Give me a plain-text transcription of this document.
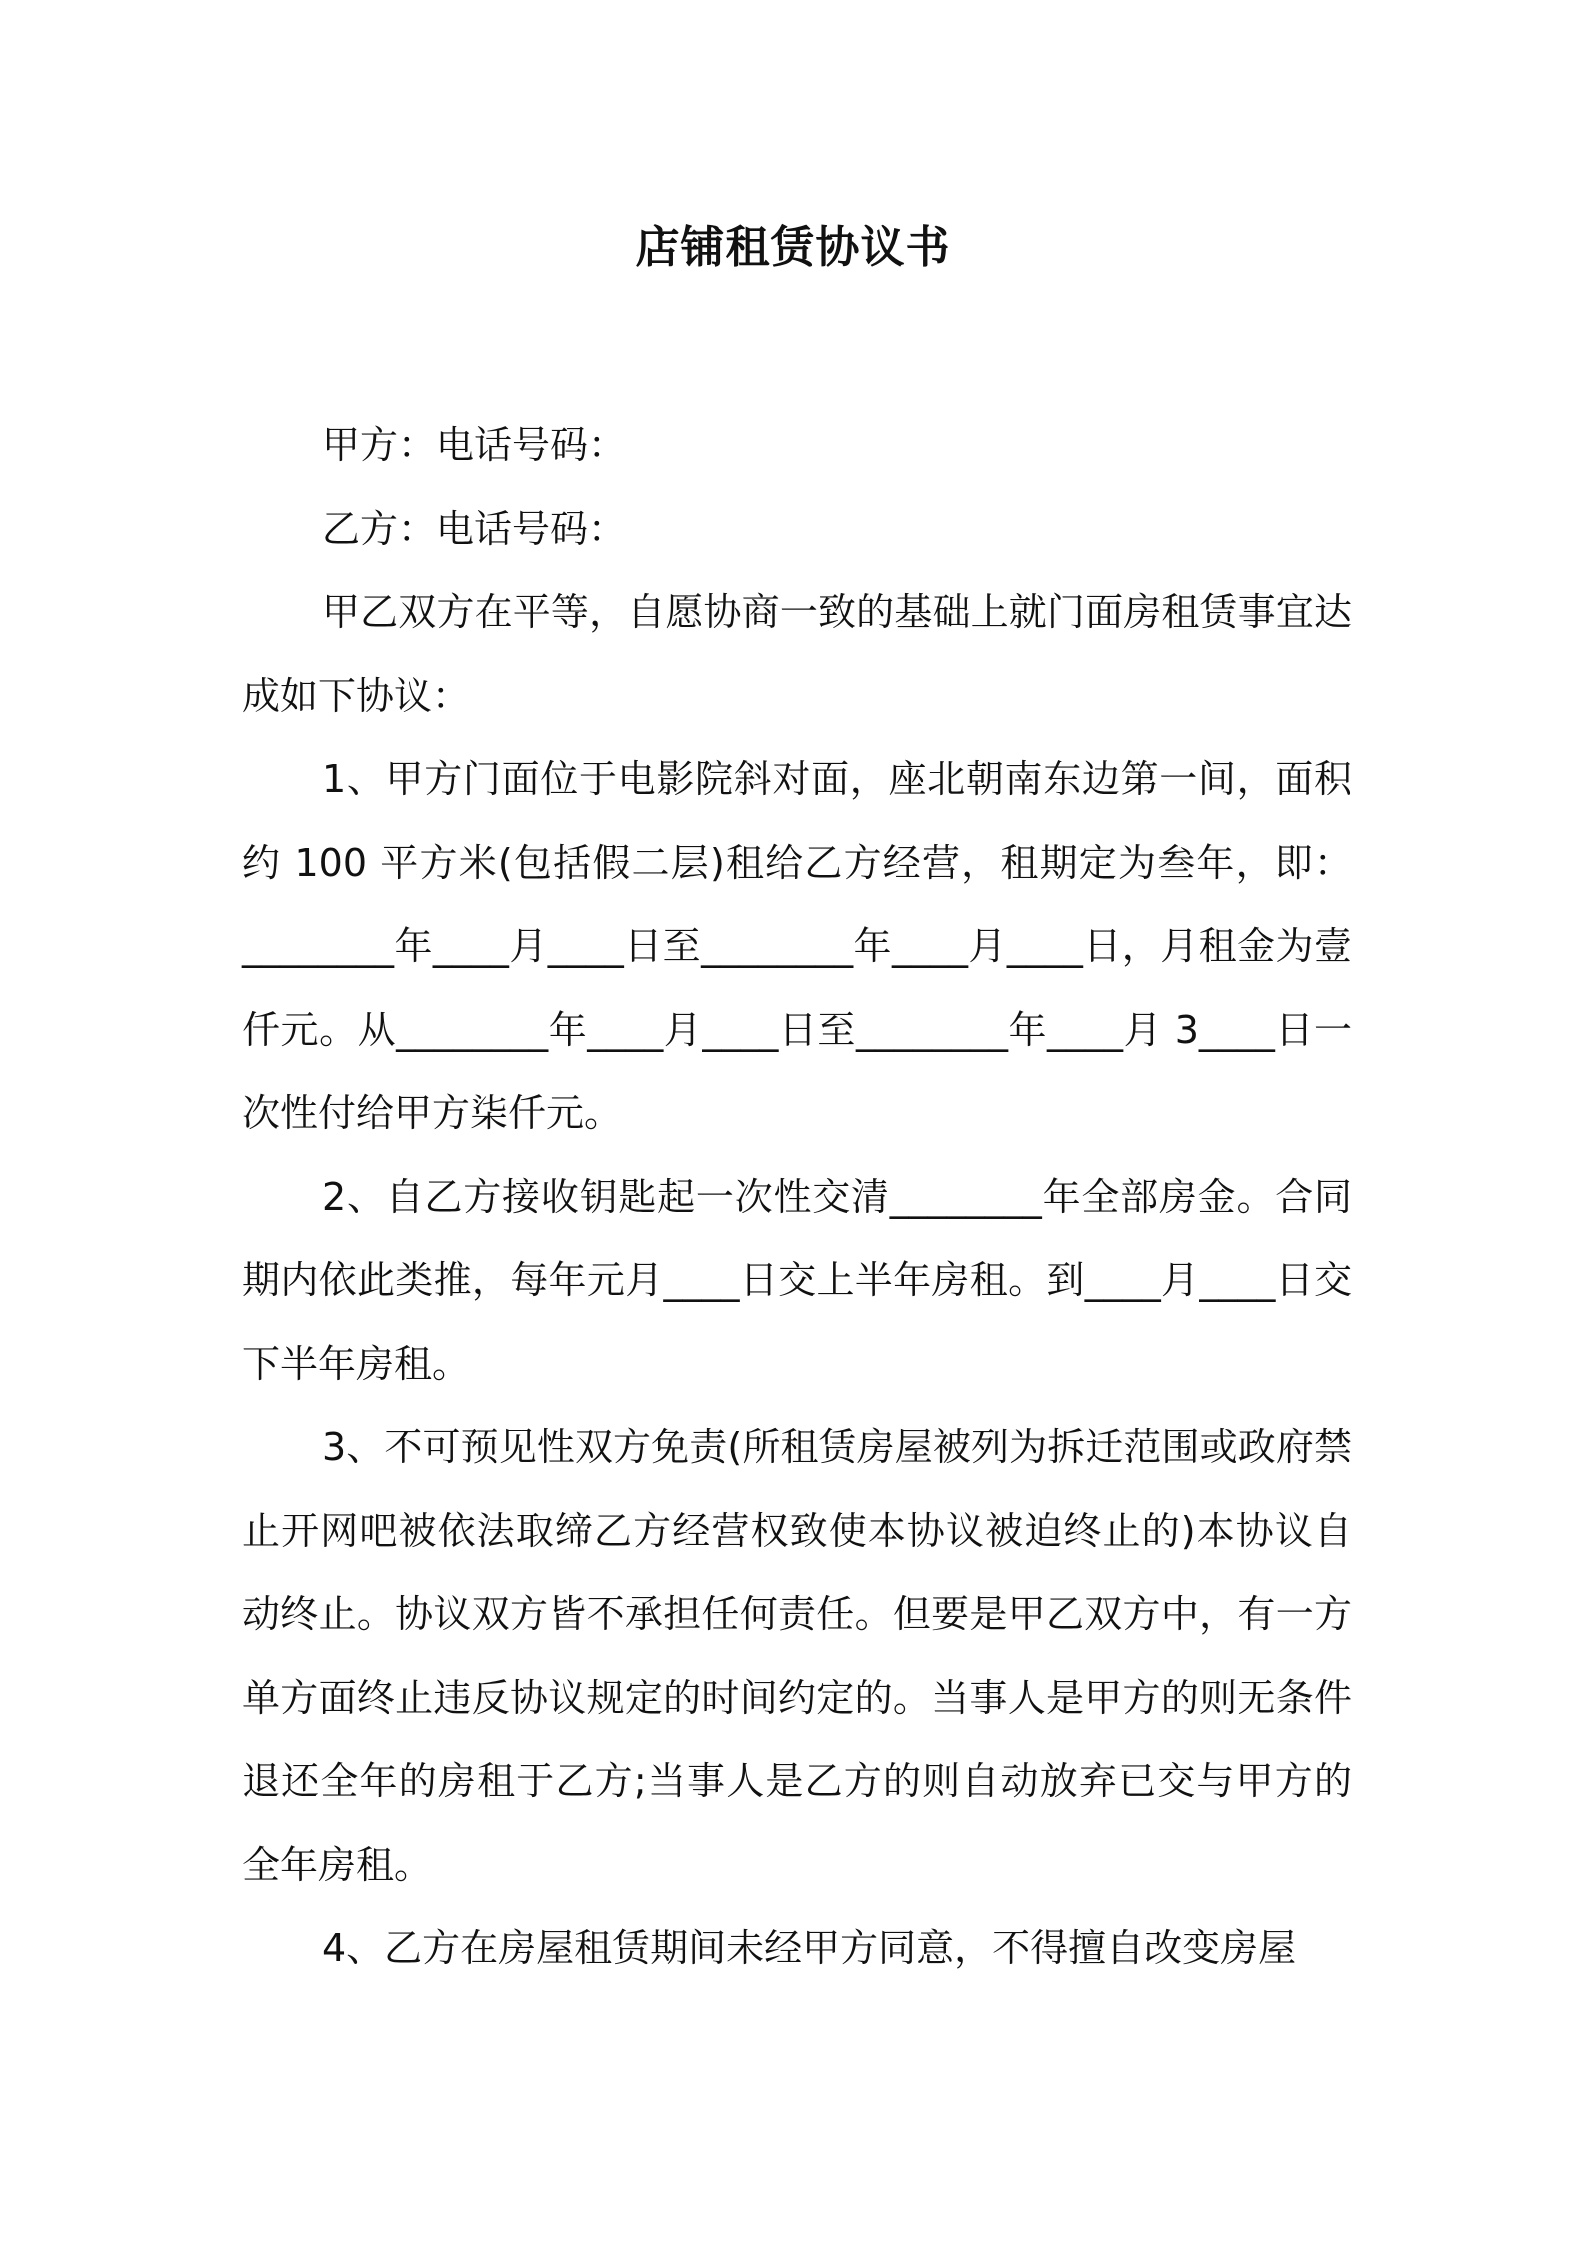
店铺租赁协议书

甲方：电话号码：

乙方：电话号码：

甲乙双方在平等，自愿协商一致的基础上就门面房租赁事宜达成如下协议：

1、甲方门面位于电影院斜对面，座北朝南东边第一间，面积约 100 平方米(包括假二层)租给乙方经营，租期定为叁年，即：________年____月____日至________年____月____日，月租金为壹仟元。从________年____月____日至________年____月 3____日一次性付给甲方柒仟元。

2、自乙方接收钥匙起一次性交清________年全部房金。合同期内依此类推，每年元月____日交上半年房租。到____月____日交下半年房租。

3、不可预见性双方免责(所租赁房屋被列为拆迁范围或政府禁止开网吧被依法取缔乙方经营权致使本协议被迫终止的)本协议自动终止。协议双方皆不承担任何责任。但要是甲乙双方中，有一方单方面终止违反协议规定的时间约定的。当事人是甲方的则无条件退还全年的房租于乙方;当事人是乙方的则自动放弃已交与甲方的全年房租。

4、乙方在房屋租赁期间未经甲方同意，不得擅自改变房屋
